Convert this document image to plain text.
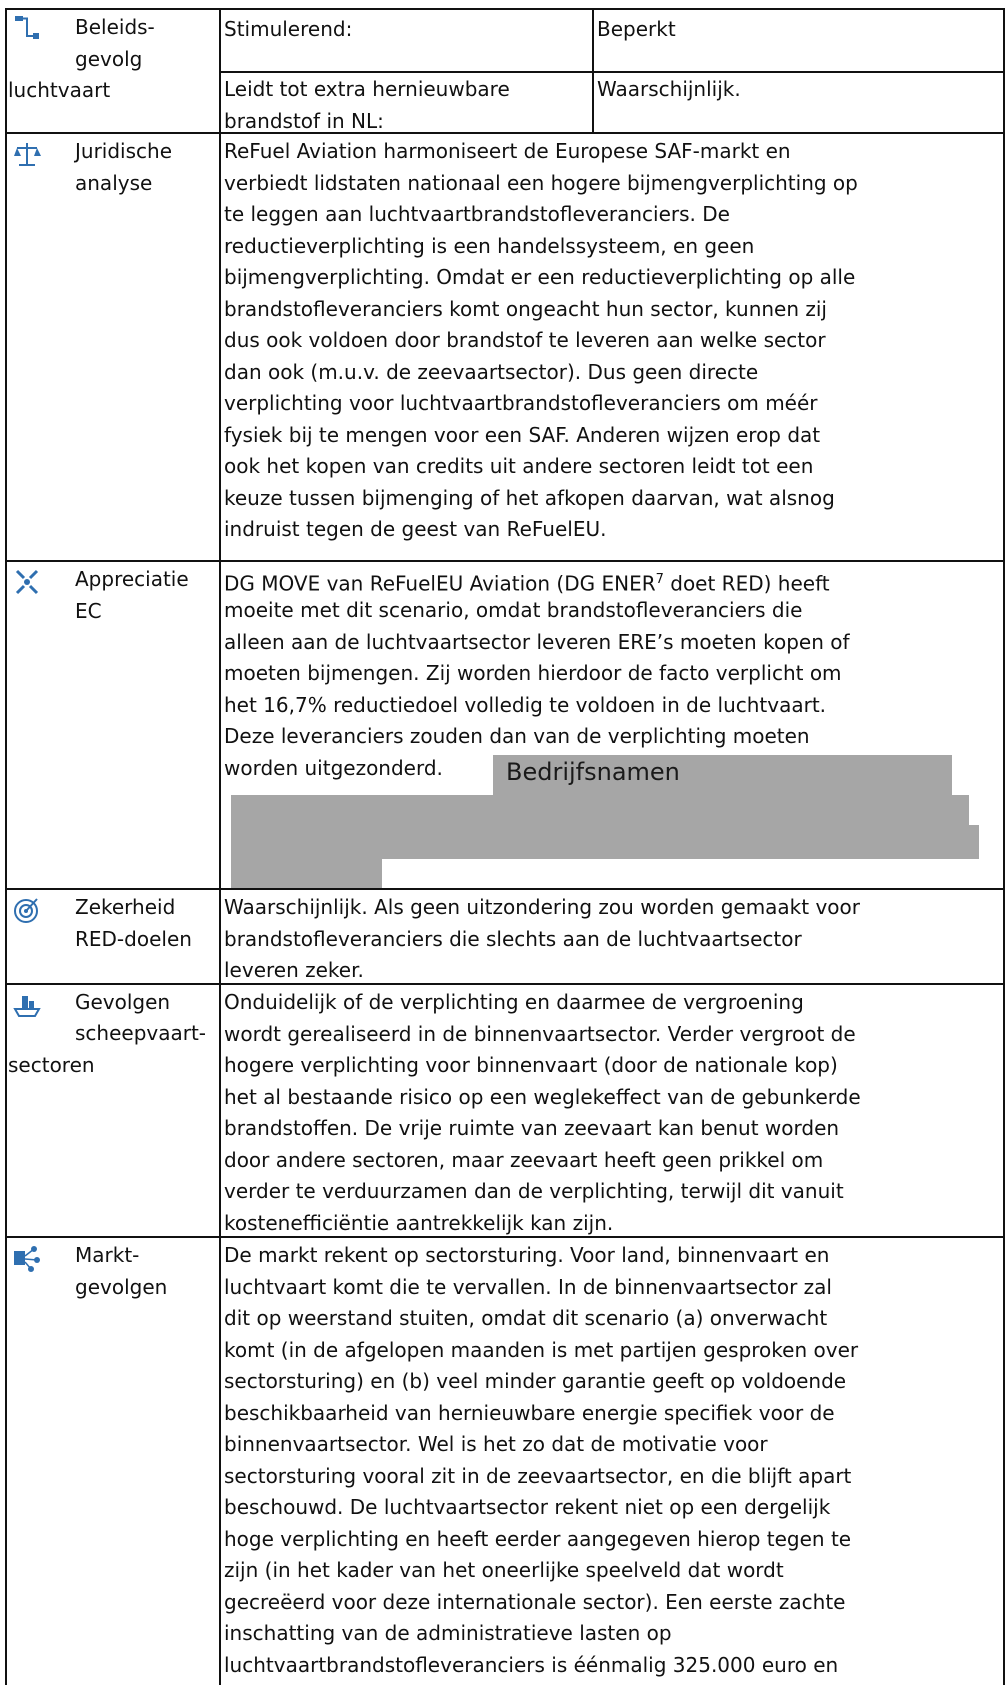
Beleids-
gevolg
luchtvaart
Stimulerend:	Beperkt
Leidt tot extra hernieuwbare
brandstof in NL:
Waarschijnlijk.
Juridische
analyse
ReFuel Aviation harmoniseert de Europese SAF-markt en
verbiedt lidstaten nationaal een hogere bijmengverplichting op
te leggen aan luchtvaartbrandstofleveranciers. De
reductieverplichting is een handelssysteem, en geen
bijmengverplichting. Omdat er een reductieverplichting op alle
brandstofleveranciers komt ongeacht hun sector, kunnen zij
dus ook voldoen door brandstof te leveren aan welke sector
dan ook (m.u.v. de zeevaartsector). Dus geen directe
verplichting voor luchtvaartbrandstofleveranciers om méér
fysiek bij te mengen voor een SAF. Anderen wijzen erop dat
ook het kopen van credits uit andere sectoren leidt tot een
keuze tussen bijmenging of het afkopen daarvan, wat alsnog
indruist tegen de geest van ReFuelEU.
Appreciatie
EC
DG MOVE van ReFuelEU Aviation (DG ENER$^7$ doet RED) heeft
moeite met dit scenario, omdat brandstofleveranciers die
alleen aan de luchtvaartsector leveren ERE’s moeten kopen of
moeten bijmengen. Zij worden hierdoor de facto verplicht om
het 16,7% reductiedoel volledig te voldoen in de luchtvaart.
Deze leveranciers zouden dan van de verplichting moeten
worden uitgezonderd.	Bedrijfsnamen
Zekerheid
RED-doelen
Waarschijnlijk. Als geen uitzondering zou worden gemaakt voor
brandstofleveranciers die slechts aan de luchtvaartsector
leveren zeker.
Gevolgen
scheepvaart-
sectoren
Onduidelijk of de verplichting en daarmee de vergroening
wordt gerealiseerd in de binnenvaartsector. Verder vergroot de
hogere verplichting voor binnenvaart (door de nationale kop)
het al bestaande risico op een weglekeffect van de gebunkerde
brandstoffen. De vrije ruimte van zeevaart kan benut worden
door andere sectoren, maar zeevaart heeft geen prikkel om
verder te verduurzamen dan de verplichting, terwijl dit vanuit
kostenefficiëntie aantrekkelijk kan zijn.
Markt-
gevolgen
De markt rekent op sectorsturing. Voor land, binnenvaart en
luchtvaart komt die te vervallen. In de binnenvaartsector zal
dit op weerstand stuiten, omdat dit scenario (a) onverwacht
komt (in de afgelopen maanden is met partijen gesproken over
sectorsturing) en (b) veel minder garantie geeft op voldoende
beschikbaarheid van hernieuwbare energie specifiek voor de
binnenvaartsector. Wel is het zo dat de motivatie voor
sectorsturing vooral zit in de zeevaartsector, en die blijft apart
beschouwd. De luchtvaartsector rekent niet op een dergelijk
hoge verplichting en heeft eerder aangegeven hierop tegen te
zijn (in het kader van het oneerlijke speelveld dat wordt
gecreëerd voor deze internationale sector). Een eerste zachte
inschatting van de administratieve lasten op
luchtvaartbrandstofleveranciers is éénmalig 325.000 euro en
